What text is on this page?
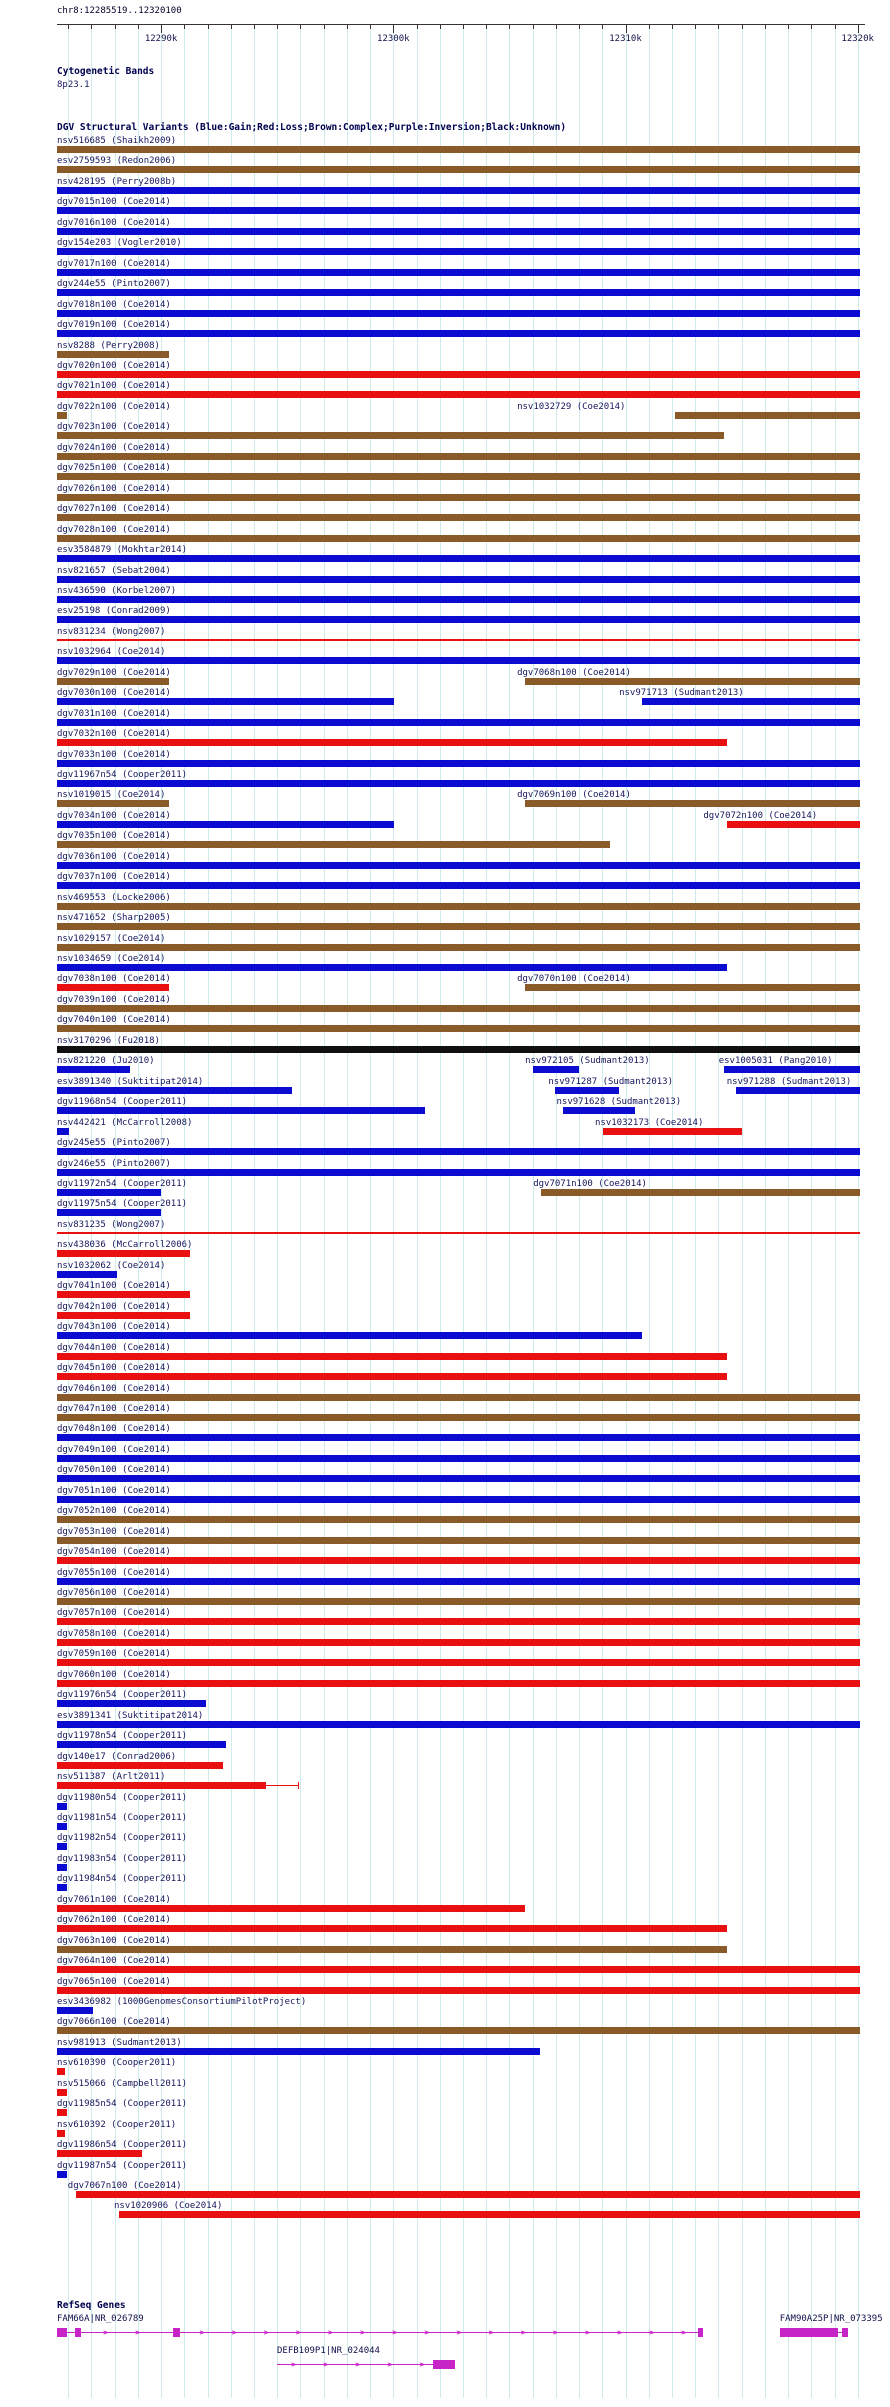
chr8:12285519..12320100
12290k	12300k	12310k	12320k
Cytogenetic Bands
8p23.1
DGV Structural Variants (Blue:Gain;Red:Loss;Brown:Complex;Purple:Inversion;Black:Unknown)
nsv516685 (Shaikh2009)
esv2759593 (Redon2006)
nsv428195 (Perry2008b)
dgv7015n100 (Coe2014)
dgv7016n100 (Coe2014)
dgv154e203 (Vogler2010)
dgv7017n100 (Coe2014)
dgv244e55 (Pinto2007)
dgv7018n100 (Coe2014)
dgv7019n100 (Coe2014)
nsv8288 (Perry2008)
dgv7020n100 (Coe2014)
dgv7021n100 (Coe2014)
dgv7022n100 (Coe2014)	nsv1032729 (Coe2014)
dgv7023n100 (Coe2014)
dgv7024n100 (Coe2014)
dgv7025n100 (Coe2014)
dgv7026n100 (Coe2014)
dgv7027n100 (Coe2014)
dgv7028n100 (Coe2014)
esv3584879 (Mokhtar2014)
nsv821657 (Sebat2004)
nsv436590 (Korbel2007)
esv25198 (Conrad2009)
nsv831234 (Wong2007)
nsv1032964 (Coe2014)
dgv7029n100 (Coe2014)	dgv7068n100 (Coe2014)
dgv7030n100 (Coe2014)	nsv971713 (Sudmant2013)
dgv7031n100 (Coe2014)
dgv7032n100 (Coe2014)
dgv7033n100 (Coe2014)
dgv11967n54 (Cooper2011)
nsv1019015 (Coe2014)	dgv7069n100 (Coe2014)
dgv7034n100 (Coe2014)	dgv7072n100 (Coe2014)
dgv7035n100 (Coe2014)
dgv7036n100 (Coe2014)
dgv7037n100 (Coe2014)
nsv469553 (Locke2006)
nsv471652 (Sharp2005)
nsv1029157 (Coe2014)
nsv1034659 (Coe2014)
dgv7038n100 (Coe2014)	dgv7070n100 (Coe2014)
dgv7039n100 (Coe2014)
dgv7040n100 (Coe2014)
nsv3170296 (Fu2018)
nsv821220 (Ju2010)	nsv972105 (Sudmant2013)	esv1005031 (Pang2010)
esv3891340 (Suktitipat2014)	nsv971287 (Sudmant2013)	nsv971288 (Sudmant2013)
dgv11968n54 (Cooper2011)	nsv971628 (Sudmant2013)
nsv442421 (McCarroll2008)	nsv1032173 (Coe2014)
dgv245e55 (Pinto2007)
dgv246e55 (Pinto2007)
dgv11972n54 (Cooper2011)	dgv7071n100 (Coe2014)
dgv11975n54 (Cooper2011)
nsv831235 (Wong2007)
nsv438036 (McCarroll2006)
nsv1032062 (Coe2014)
dgv7041n100 (Coe2014)
dgv7042n100 (Coe2014)
dgv7043n100 (Coe2014)
dgv7044n100 (Coe2014)
dgv7045n100 (Coe2014)
dgv7046n100 (Coe2014)
dgv7047n100 (Coe2014)
dgv7048n100 (Coe2014)
dgv7049n100 (Coe2014)
dgv7050n100 (Coe2014)
dgv7051n100 (Coe2014)
dgv7052n100 (Coe2014)
dgv7053n100 (Coe2014)
dgv7054n100 (Coe2014)
dgv7055n100 (Coe2014)
dgv7056n100 (Coe2014)
dgv7057n100 (Coe2014)
dgv7058n100 (Coe2014)
dgv7059n100 (Coe2014)
dgv7060n100 (Coe2014)
dgv11976n54 (Cooper2011)
esv3891341 (Suktitipat2014)
dgv11978n54 (Cooper2011)
dgv140e17 (Conrad2006)
nsv511387 (Arlt2011)
dgv11980n54 (Cooper2011)
dgv11981n54 (Cooper2011)
dgv11982n54 (Cooper2011)
dgv11983n54 (Cooper2011)
dgv11984n54 (Cooper2011)
dgv7061n100 (Coe2014)
dgv7062n100 (Coe2014)
dgv7063n100 (Coe2014)
dgv7064n100 (Coe2014)
dgv7065n100 (Coe2014)
esv3436982 (1000GenomesConsortiumPilotProject)
dgv7066n100 (Coe2014)
nsv981913 (Sudmant2013)
nsv610390 (Cooper2011)
nsv515066 (Campbell2011)
dgv11985n54 (Cooper2011)
nsv610392 (Cooper2011)
dgv11986n54 (Cooper2011)
dgv11987n54 (Cooper2011)
dgv7067n100 (Coe2014)
nsv1020906 (Coe2014)
RefSeq Genes
FAM66A|NR_026789
>	>	>	>	>	>	>	>	>	>	>	>	>	>	>	>	>	>
FAM90A25P|NR_073395
DEFB109P1|NR_024044
>	>	>	>	>
